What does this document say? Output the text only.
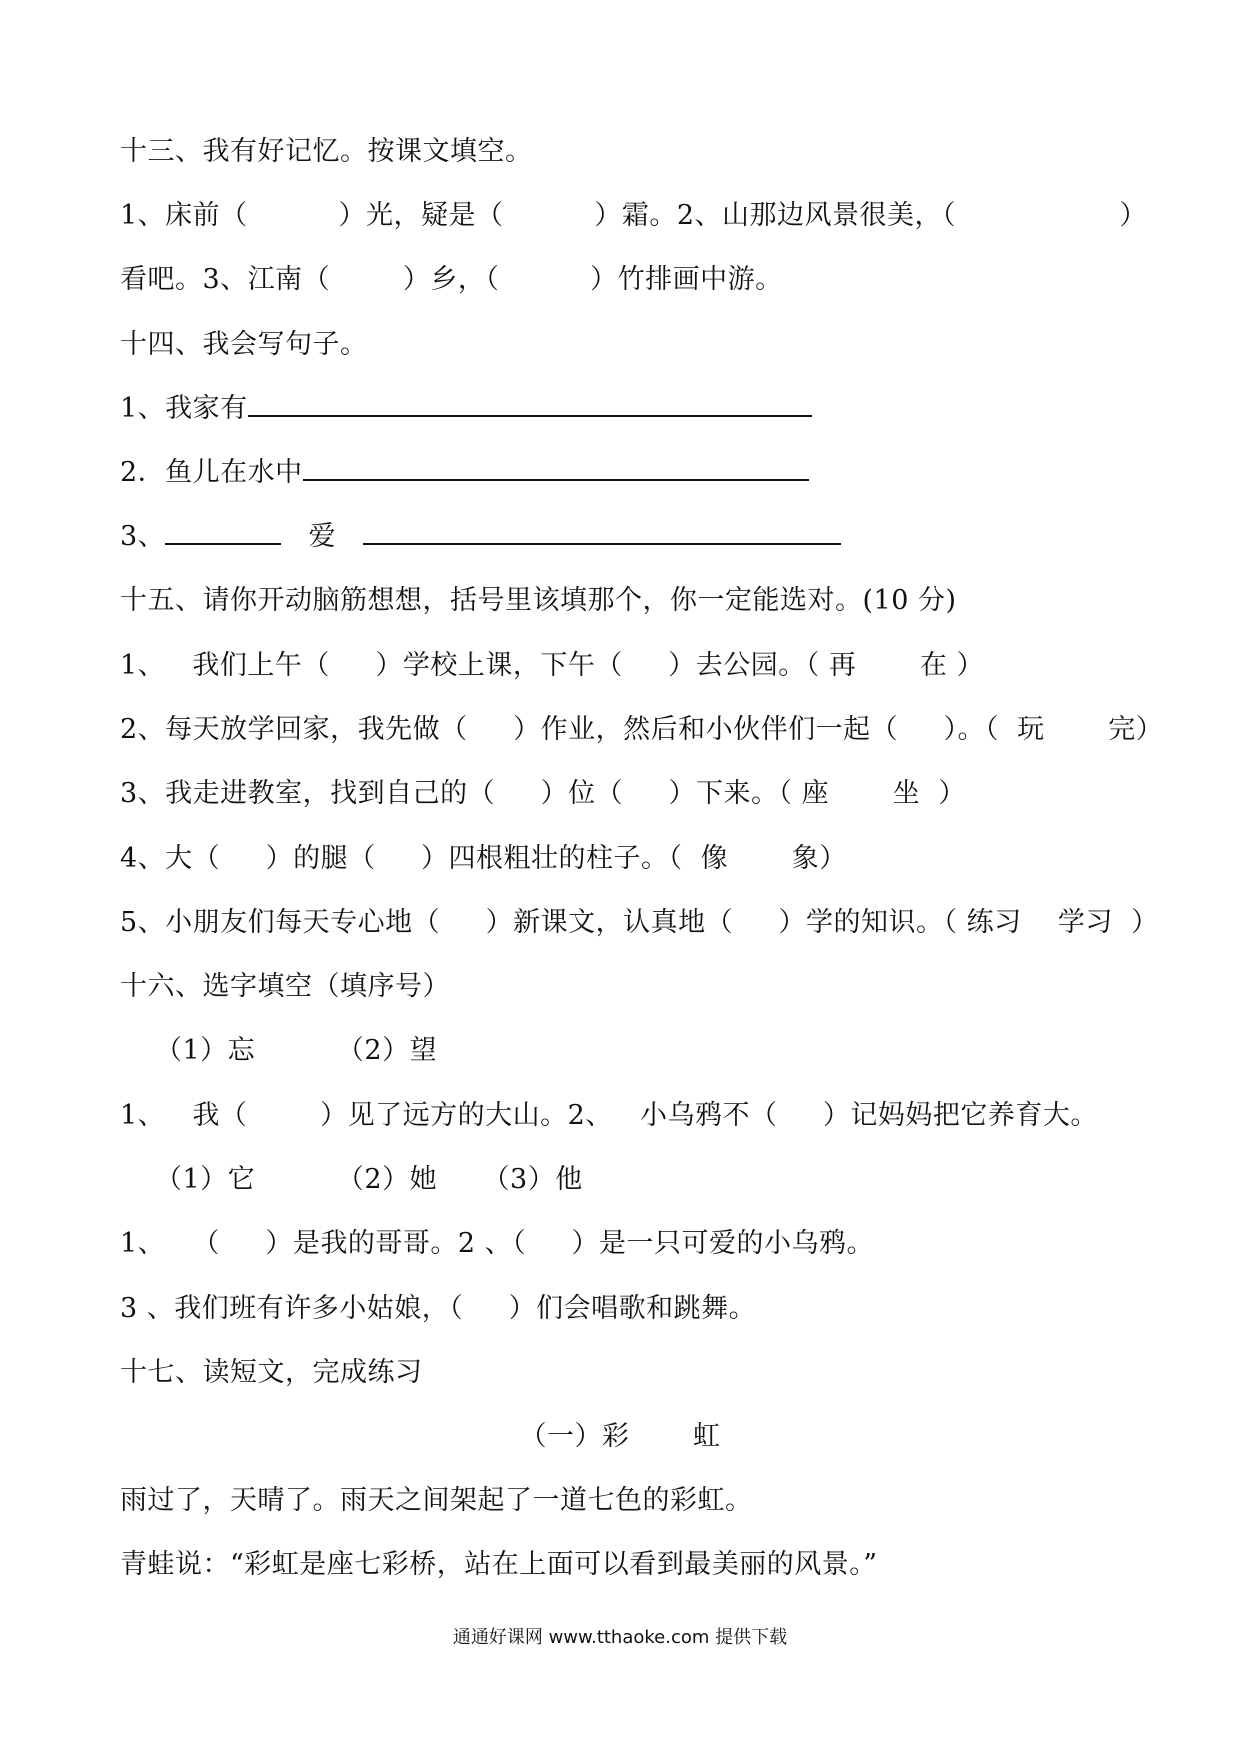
十三、我有好记忆。按课文填空。
1、床前（          ）光，疑是（          ）霜。2、山那边风景很美，（                  ）
看吧。3、江南（        ）乡，（          ）竹排画中游。
十四、我会写句子。
1、我家有
2．鱼儿在水中
3、	爱
十五、请你开动脑筋想想，括号里该填那个，你一定能选对。(10 分)
1、   我们上午（     ）学校上课，下午（     ）去公园。（ 再       在 ）
2、每天放学回家，我先做（     ）作业，然后和小伙伴们一起（     ）。（  玩       完）
3、我走进教室，找到自己的（     ）位（     ）下来。（ 座       坐  ）
4、大（     ）的腿（     ）四根粗壮的柱子。（  像       象）
5、小朋友们每天专心地（     ）新课文，认真地（     ）学的知识。（ 练习    学习  ）
十六、选字填空（填序号）
（1）忘         （2）望
1、   我（        ）见了远方的大山。2、   小乌鸦不（     ）记妈妈把它养育大。
（1）它         （2）她     （3）他
1、   （     ）是我的哥哥。2 、（     ）是一只可爱的小乌鸦。
3 、我们班有许多小姑娘，（     ）们会唱歌和跳舞。
十七、读短文，完成练习
（一）彩       虹
雨过了，天晴了。雨天之间架起了一道七色的彩虹。
青蛙说：“彩虹是座七彩桥，站在上面可以看到最美丽的风景。”
通通好课网 www.tthaoke.com 提供下载
